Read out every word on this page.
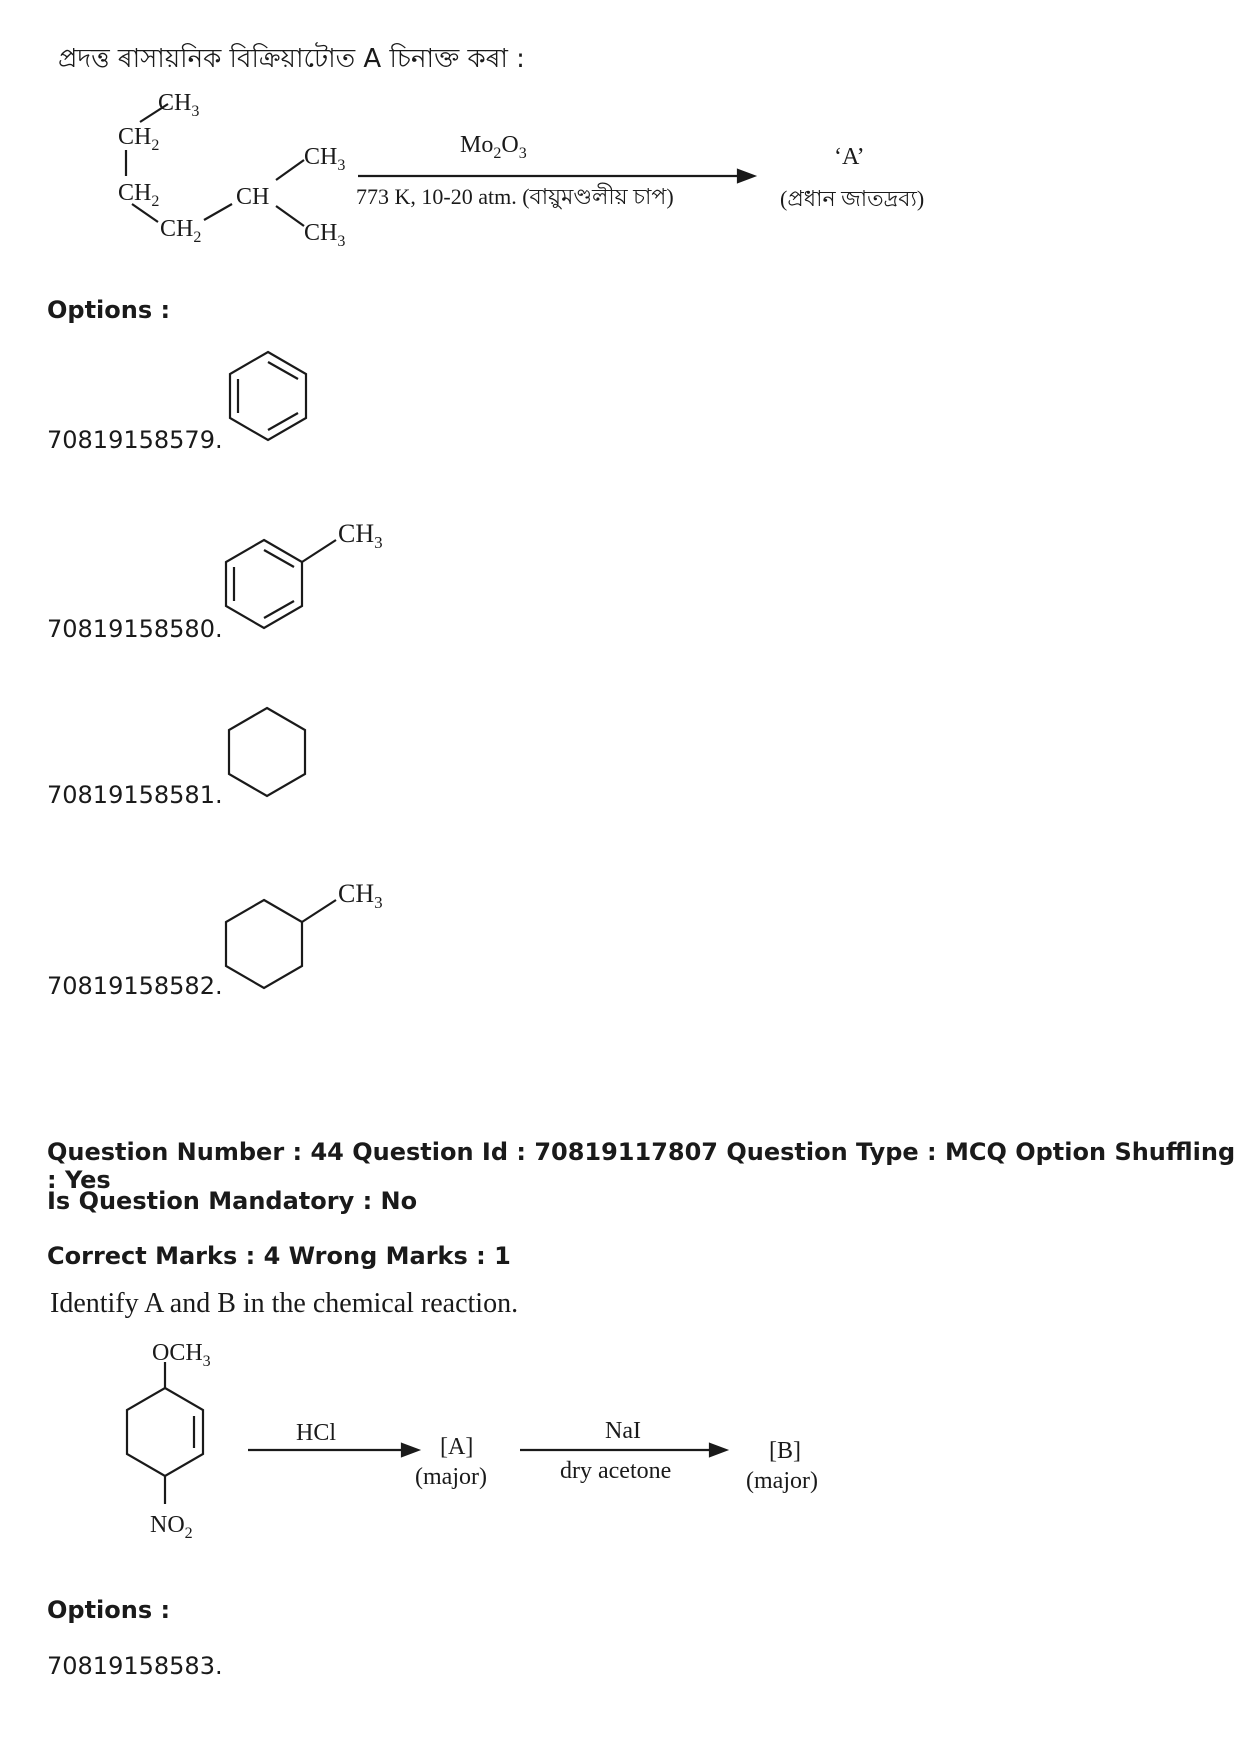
প্ৰদত্ত ৰাসায়নিক বিক্ৰিয়াটোত A চিনাক্ত কৰা :
$CH_3$
$CH_2$
$CH_2$
$CH_2$
CH
$CH_3$
$CH_3$
$Mo_2O_3$
773 K, 10-20 atm. (বায়ুমণ্ডলীয় চাপ)
‘A’
(প্ৰধান জাতদ্ৰব্য)
Options :
70819158579.
70819158580.
$CH_3$
70819158581.
70819158582.
$CH_3$
Question Number : 44 Question Id : 70819117807 Question Type : MCQ Option Shuffling : Yes
Is Question Mandatory : No
Correct Marks : 4 Wrong Marks : 1
Identify A and B in the chemical reaction.
$OCH_3$
$NO_2$
HCl
[A]
(major)
NaI
dry acetone
[B]
(major)
Options :
70819158583.
